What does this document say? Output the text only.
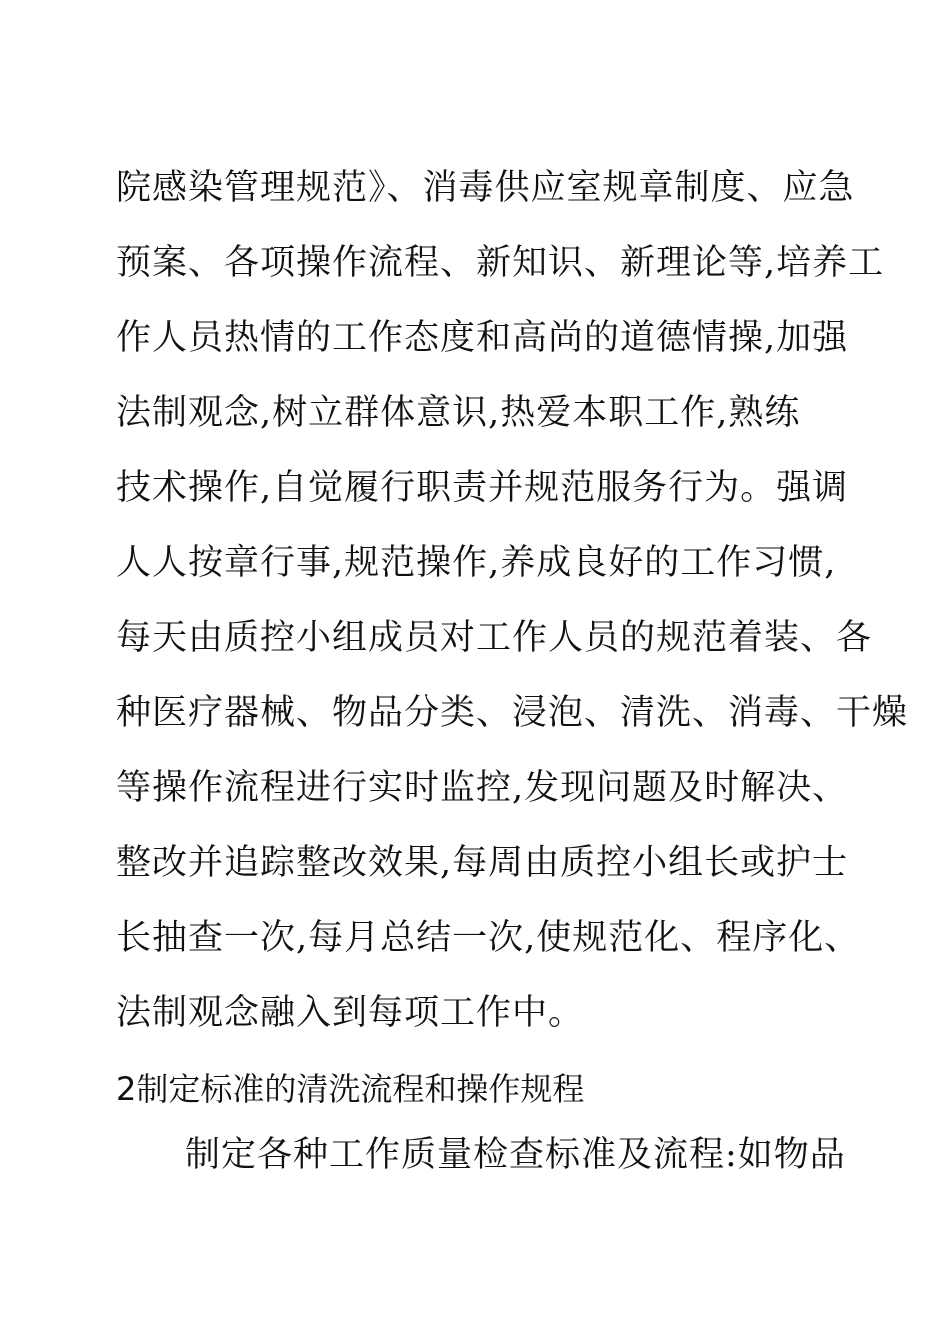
院感染管理规范》、消毒供应室规章制度、应急
预案、各项操作流程、新知识、新理论等,培养工
作人员热情的工作态度和高尚的道德情操,加强
法制观念,树立群体意识,热爱本职工作,熟练
技术操作,自觉履行职责并规范服务行为。强调
人人按章行事,规范操作,养成良好的工作习惯,
每天由质控小组成员对工作人员的规范着装、各
种医疗器械、物品分类、浸泡、清洗、消毒、干燥
等操作流程进行实时监控,发现问题及时解决、
整改并追踪整改效果,每周由质控小组长或护士
长抽查一次,每月总结一次,使规范化、程序化、
法制观念融入到每项工作中。
2制定标准的清洗流程和操作规程
制定各种工作质量检查标准及流程:如物品
